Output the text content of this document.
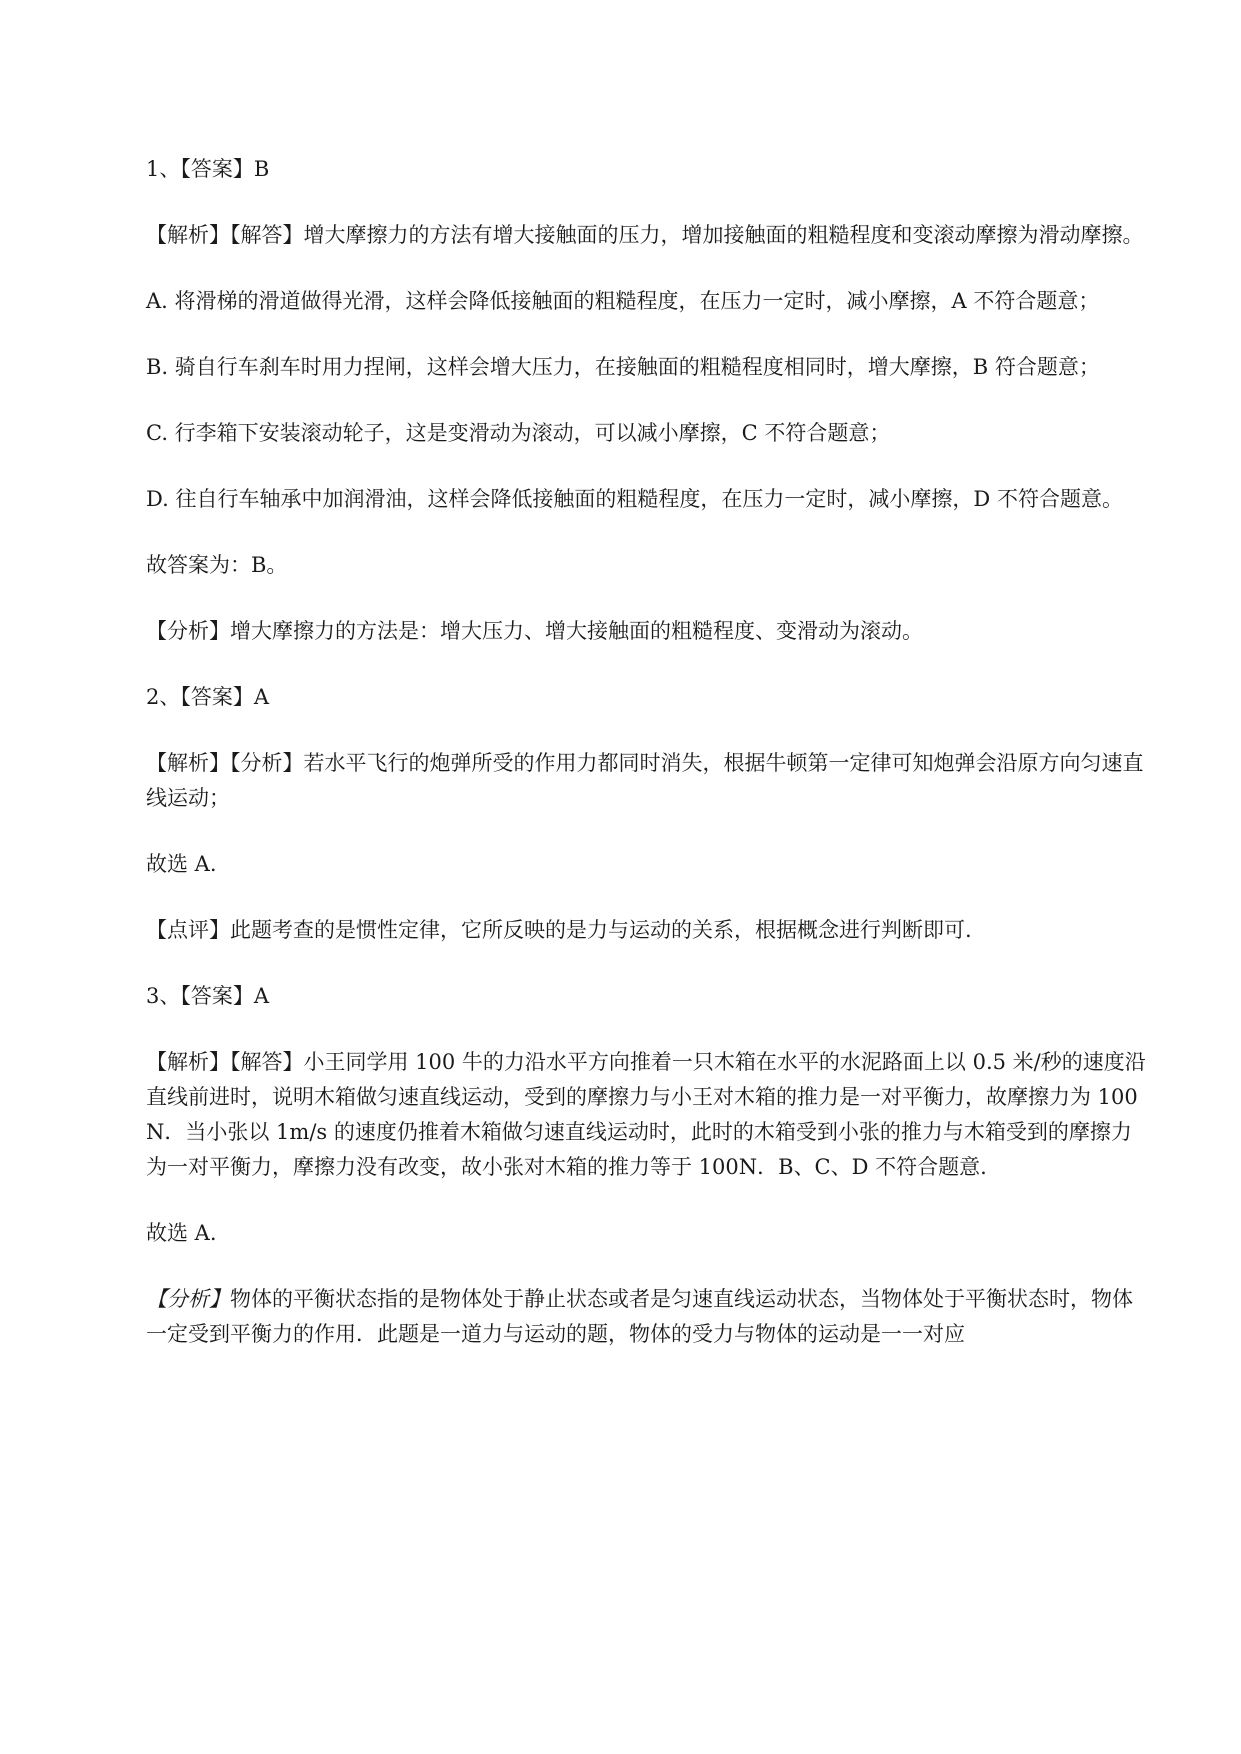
1、【答案】B

【解析】【解答】增大摩擦力的方法有增大接触面的压力，增加接触面的粗糙程度和变滚动摩擦为滑动摩擦。

A. 将滑梯的滑道做得光滑，这样会降低接触面的粗糙程度，在压力一定时，减小摩擦，A 不符合题意；

B. 骑自行车刹车时用力捏闸，这样会增大压力，在接触面的粗糙程度相同时，增大摩擦，B 符合题意；

C. 行李箱下安装滚动轮子，这是变滑动为滚动，可以减小摩擦，C 不符合题意；

D. 往自行车轴承中加润滑油，这样会降低接触面的粗糙程度，在压力一定时，减小摩擦，D 不符合题意。

故答案为：B。

【分析】增大摩擦力的方法是：增大压力、增大接触面的粗糙程度、变滑动为滚动。

2、【答案】A

【解析】【分析】若水平飞行的炮弹所受的作用力都同时消失，根据牛顿第一定律可知炮弹会沿原方向匀速直线运动；

故选 A.

【点评】此题考查的是惯性定律，它所反映的是力与运动的关系，根据概念进行判断即可.

3、【答案】A

【解析】【解答】小王同学用 100 牛的力沿水平方向推着一只木箱在水平的水泥路面上以 0.5 米/秒的速度沿直线前进时，说明木箱做匀速直线运动，受到的摩擦力与小王对木箱的推力是一对平衡力，故摩擦力为 100N．当小张以 1m/s 的速度仍推着木箱做匀速直线运动时，此时的木箱受到小张的推力与木箱受到的摩擦力为一对平衡力，摩擦力没有改变，故小张对木箱的推力等于 100N．B、C、D 不符合题意.

故选 A.

【分析】物体的平衡状态指的是物体处于静止状态或者是匀速直线运动状态，当物体处于平衡状态时，物体一定受到平衡力的作用．此题是一道力与运动的题，物体的受力与物体的运动是一一对应
